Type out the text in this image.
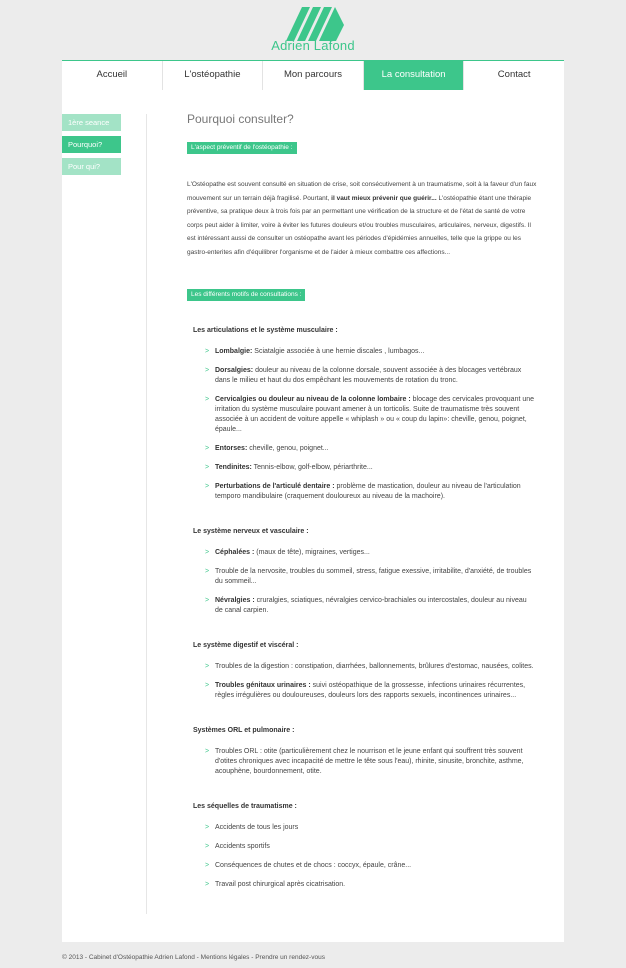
Adrien Lafond
Accueil	L'ostéopathie	Mon parcours	La consultation	Contact
1ère seance
Pourquoi?
Pour qui?
Pourquoi consulter?
L'aspect préventif de l'ostéopathie :

L'Ostéopathe est souvent consulté en situation de crise, soit consécutivement à un traumatisme, soit à la faveur d'un faux mouvement sur un terrain déjà fragilisé. Pourtant, il vaut mieux prévenir que guérir... L'ostéopathie étant une thérapie préventive, sa pratique deux à trois fois par an permettant une vérification de la structure et de l'état de santé de votre corps peut aider à limiter, voire à éviter les futures douleurs et/ou troubles musculaires, articulaires, nerveux, digestifs. Il est intéressant aussi de consulter un ostéopathe avant les périodes d'épidémies annuelles, telle que la grippe ou les gastro-enterites afin d'équilibrer l'organisme et de l'aider à mieux combattre ces affections...

Les différents motifs de consultations :
Les articulations et le système musculaire :
> Lombalgie: Sciatalgie associée à une hernie discales , lumbagos...
> Dorsalgies: douleur au niveau de la colonne dorsale, souvent associée à des blocages vertébraux dans le milieu et haut du dos empêchant les mouvements de rotation du tronc.
> Cervicalgies ou douleur au niveau de la colonne lombaire : blocage des cervicales provoquant une irritation du système musculaire pouvant amener à un torticolis. Suite de traumatisme très souvent associée à un accident de voiture appelle « whiplash » ou « coup du lapin»: cheville, genou, poignet, épaule...
> Entorses: cheville, genou, poignet...
> Tendinites: Tennis-elbow, golf-elbow, périarthrite...
> Perturbations de l'articulé dentaire : problème de mastication, douleur au niveau de l'articulation temporo mandibulaire (craquement douloureux au niveau de la machoire).
Le système nerveux et vasculaire :
> Céphalées : (maux de tête), migraines, vertiges...
> Trouble de la nervosite, troubles du sommeil, stress, fatigue exessive, irritabilite, d'anxiété, de troubles du sommeil...
> Névralgies : cruralgies, sciatiques, névralgies cervico-brachiales ou intercostales, douleur au niveau de canal carpien.
Le système digestif et viscéral :
> Troubles de la digestion : constipation, diarrhées, ballonnements, brûlures d'estomac, nausées, colites.
> Troubles génitaux urinaires : suivi ostéopathique de la grossesse, infections urinaires récurrentes, règles irrégulières ou douloureuses, douleurs lors des rapports sexuels, incontinences urinaires...
Systèmes ORL et pulmonaire :
> Troubles ORL : otite (particulièrement chez le nourrison et le jeune enfant qui souffrent très souvent d'otites chroniques avec incapacité de mettre le tête sous l'eau), rhinite, sinusite, bronchite, asthme, acouphène, bourdonnement, otite.
Les séquelles de traumatisme :
> Accidents de tous les jours
> Accidents sportifs
> Conséquences de chutes et de chocs : coccyx, épaule, crâne...
> Travail post chirurgical après cicatrisation.
© 2013 - Cabinet d'Ostéopathie Adrien Lafond - Mentions légales - Prendre un rendez-vous
